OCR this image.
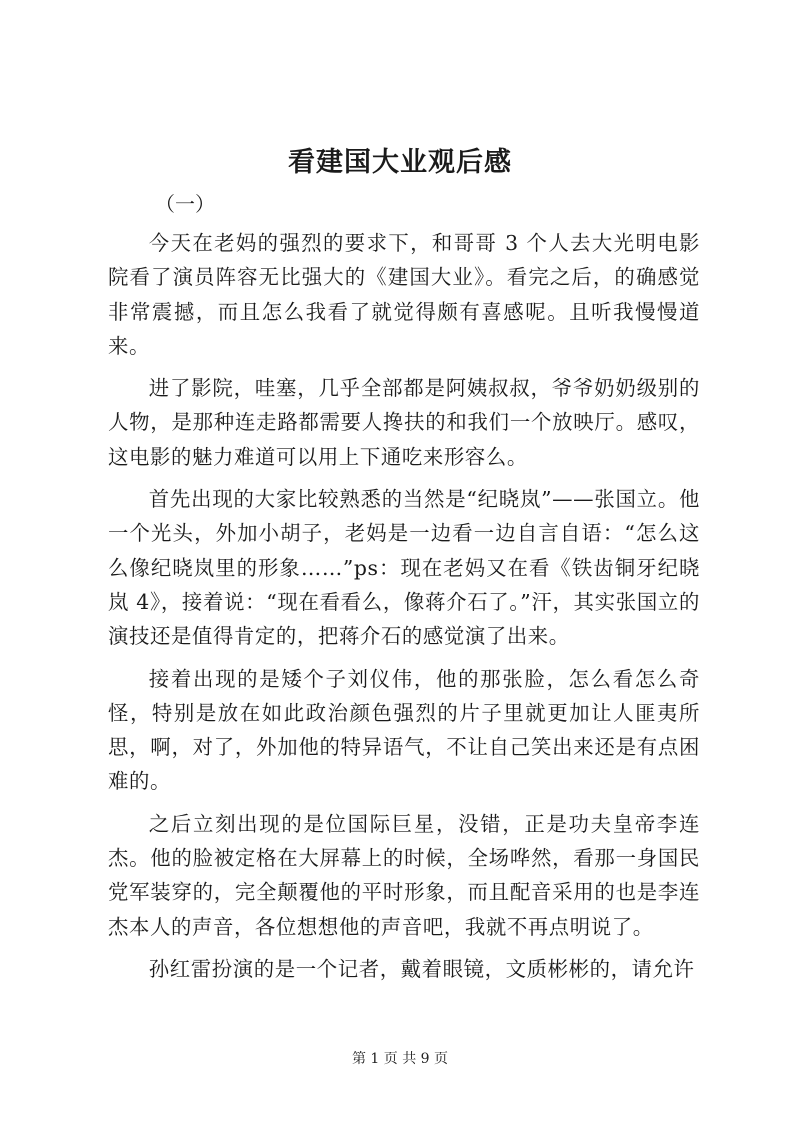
看建国大业观后感
（一）

今天在老妈的强烈的要求下，和哥哥 3 个人去大光明电影院看了演员阵容无比强大的《建国大业》。看完之后，的确感觉非常震撼，而且怎么我看了就觉得颇有喜感呢。且听我慢慢道来。

进了影院，哇塞，几乎全部都是阿姨叔叔，爷爷奶奶级别的人物，是那种连走路都需要人搀扶的和我们一个放映厅。感叹，这电影的魅力难道可以用上下通吃来形容么。

首先出现的大家比较熟悉的当然是“纪晓岚”——张国立。他一个光头，外加小胡子，老妈是一边看一边自言自语：“怎么这么像纪晓岚里的形象……”ps：现在老妈又在看《铁齿铜牙纪晓岚 4》，接着说：“现在看看么，像蒋介石了。”汗，其实张国立的演技还是值得肯定的，把蒋介石的感觉演了出来。

接着出现的是矮个子刘仪伟，他的那张脸，怎么看怎么奇怪，特别是放在如此政治颜色强烈的片子里就更加让人匪夷所思，啊，对了，外加他的特异语气，不让自己笑出来还是有点困难的。

之后立刻出现的是位国际巨星，没错，正是功夫皇帝李连杰。他的脸被定格在大屏幕上的时候，全场哗然，看那一身国民党军装穿的，完全颠覆他的平时形象，而且配音采用的也是李连杰本人的声音，各位想想他的声音吧，我就不再点明说了。

孙红雷扮演的是一个记者，戴着眼镜，文质彬彬的，请允许

第 1 页 共 9 页
